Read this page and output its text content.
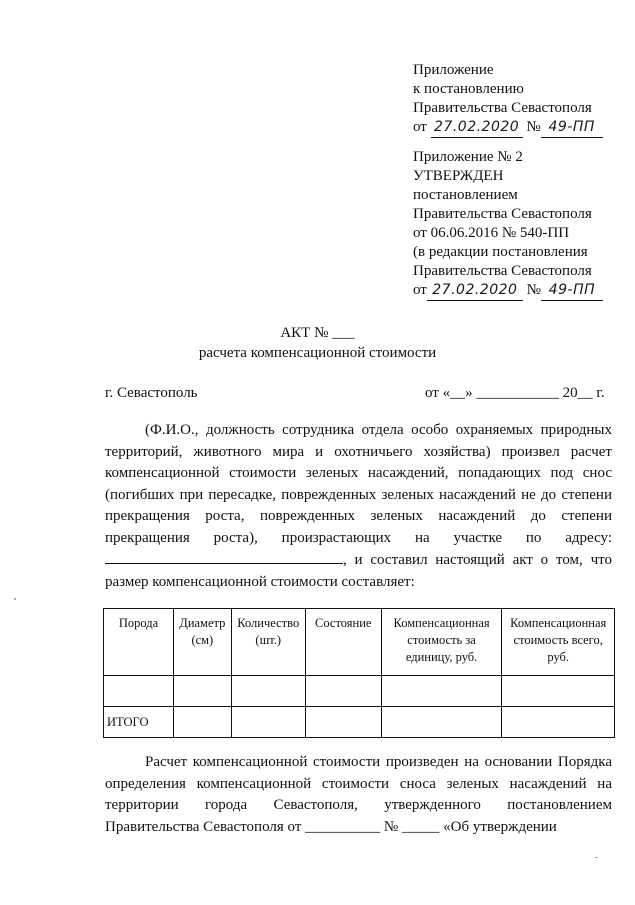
Приложение
к постановлению
Правительства Севастополя
от 27.02.2020 № 49-ПП
Приложение № 2
УТВЕРЖДЕН
постановлением
Правительства Севастополя
от 06.06.2016 № 540-ПП
(в редакции постановления
Правительства Севастополя
от 27.02.2020 № 49-ПП
АКТ № ___
расчета компенсационной стоимости
г. Севастополь	от «__» ___________ 20__ г.
(Ф.И.О., должность сотрудника отдела особо охраняемых природных территорий, животного мира и охотничьего хозяйства) произвел расчет компенсационной стоимости зеленых насаждений, попадающих под снос (погибших при пересадке, поврежденных зеленых насаждений не до степени прекращения роста, поврежденных зеленых насаждений до степени прекращения роста), произрастающих на участке по адресу: , и составил настоящий акт о том, что размер компенсационной стоимости составляет:
Порода	Диаметр (см)	Количество (шт.)	Состояние	Компенсационная стоимость за единицу, руб.	Компенсационная стоимость всего, руб.

ИТОГО					
Расчет компенсационной стоимости произведен на основании Порядка определения компенсационной стоимости сноса зеленых насаждений на территории города Севастополя, утвержденного постановлением Правительства Севастополя от __________ № _____ «Об утверждении
